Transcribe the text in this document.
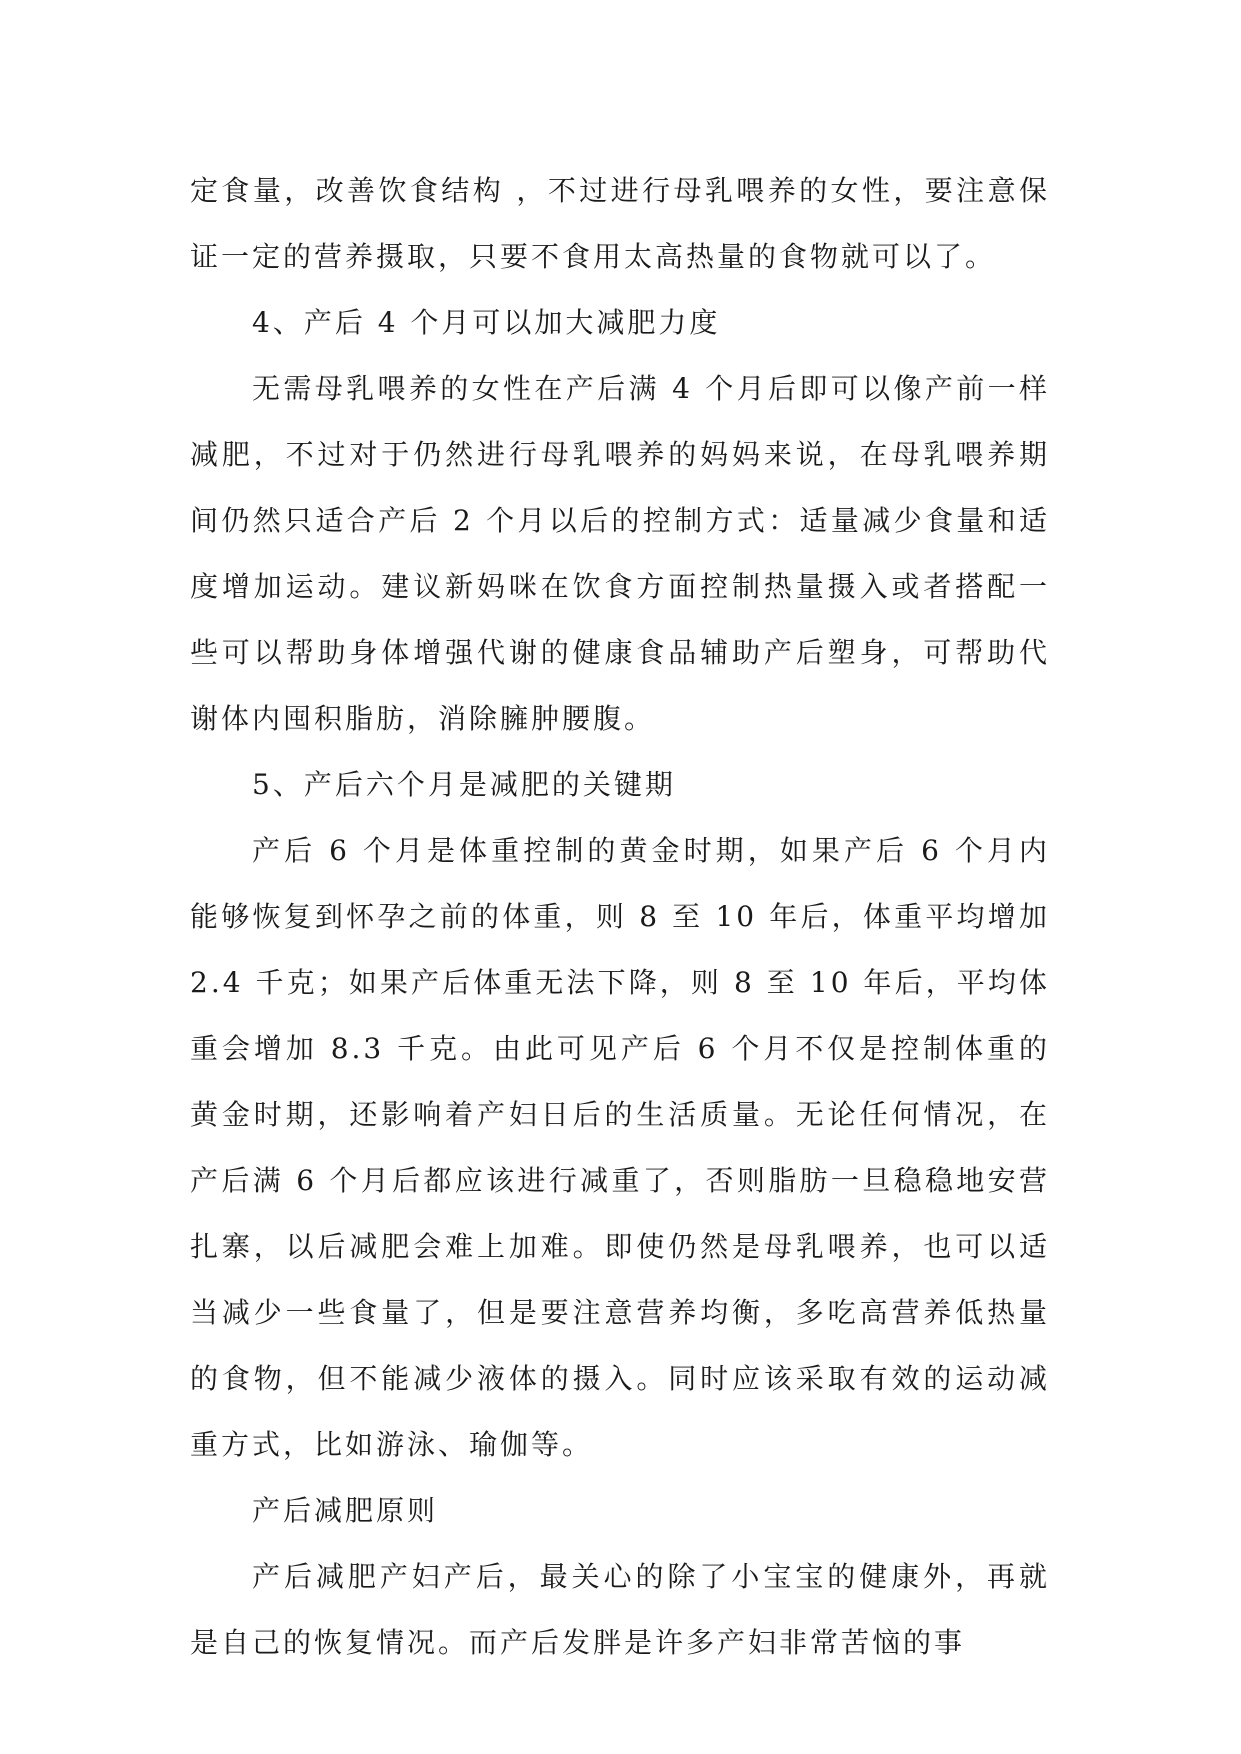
定食量，改善饮食结构 ，不过进行母乳喂养的女性，要注意保证一定的营养摄取，只要不食用太高热量的食物就可以了。

4、产后 4 个月可以加大减肥力度

无需母乳喂养的女性在产后满 4 个月后即可以像产前一样减肥，不过对于仍然进行母乳喂养的妈妈来说，在母乳喂养期间仍然只适合产后 2 个月以后的控制方式：适量减少食量和适度增加运动。建议新妈咪在饮食方面控制热量摄入或者搭配一些可以帮助身体增强代谢的健康食品辅助产后塑身，可帮助代谢体内囤积脂肪，消除臃肿腰腹。

5、产后六个月是减肥的关键期

产后 6 个月是体重控制的黄金时期，如果产后 6 个月内能够恢复到怀孕之前的体重，则 8 至 10 年后，体重平均增加 2.4 千克；如果产后体重无法下降，则 8 至 10 年后，平均体重会增加 8.3 千克。由此可见产后 6 个月不仅是控制体重的黄金时期，还影响着产妇日后的生活质量。无论任何情况，在产后满 6 个月后都应该进行减重了，否则脂肪一旦稳稳地安营扎寨，以后减肥会难上加难。即使仍然是母乳喂养，也可以适当减少一些食量了，但是要注意营养均衡，多吃高营养低热量的食物，但不能减少液体的摄入。同时应该采取有效的运动减重方式，比如游泳、瑜伽等。

产后减肥原则

产后减肥产妇产后，最关心的除了小宝宝的健康外，再就是自己的恢复情况。而产后发胖是许多产妇非常苦恼的事
